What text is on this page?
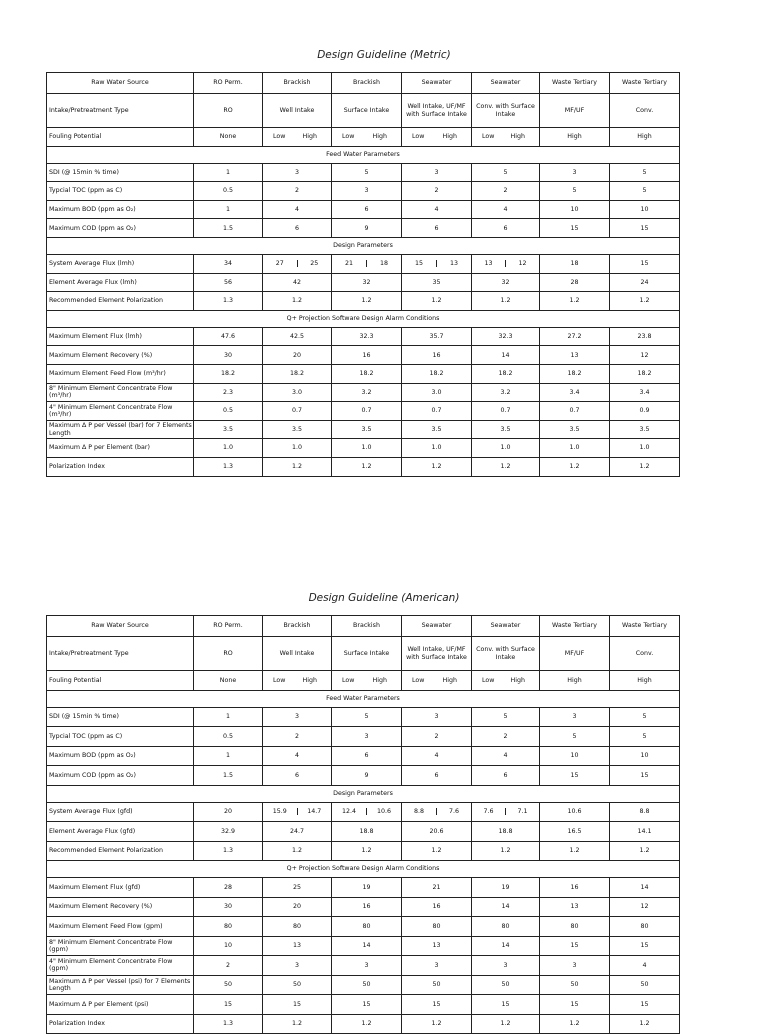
Design Guideline (Metric)
Raw Water Source	RO Perm.	Brackish	Brackish	Seawater	Seawater	Waste Tertiary	Waste Tertiary
Intake/Pretreatment Type	RO	Well Intake	Surface Intake	Well Intake, UF/MF with Surface Intake	Conv. with Surface Intake	MF/UF	Conv.
Fouling Potential	None	Low High	Low High	Low High	Low High	High	High
Feed Water Parameters							
SDI (@ 15min % time)	1	3	5	3	5	3	5
Typcial TOC (ppm as C)	0.5	2	3	2	2	5	5
Maximum BOD (ppm as O₂)	1	4	6	4	4	10	10
Maximum COD (ppm as O₂)	1.5	6	9	6	6	15	15
Design Parameters							
System Average Flux (lmh)	34	27 25	21 18	15 13	13 12	18	15
Element Average Flux (lmh)	56	42	32	35	32	28	24
Recommended Element Polarization	1.3	1.2	1.2	1.2	1.2	1.2	1.2
Q+ Projection Software Design Alarm Conditions							
Maximum Element Flux (lmh)	47.6	42.5	32.3	35.7	32.3	27.2	23.8
Maximum Element Recovery (%)	30	20	16	16	14	13	12
Maximum Element Feed Flow (m³/hr)	18.2	18.2	18.2	18.2	18.2	18.2	18.2
8" Minimum Element Concentrate Flow (m³/hr)	2.3	3.0	3.2	3.0	3.2	3.4	3.4
4" Minimum Element Concentrate Flow (m³/hr)	0.5	0.7	0.7	0.7	0.7	0.7	0.9
Maximum ∆ P per Vessel (bar) for 7 Elements Length	3.5	3.5	3.5	3.5	3.5	3.5	3.5
Maximum ∆ P per Element (bar)	1.0	1.0	1.0	1.0	1.0	1.0	1.0
Polarization Index	1.3	1.2	1.2	1.2	1.2	1.2	1.2
Design Guideline (American)
Raw Water Source	RO Perm.	Brackish	Brackish	Seawater	Seawater	Waste Tertiary	Waste Tertiary
Intake/Pretreatment Type	RO	Well Intake	Surface Intake	Well Intake, UF/MF with Surface Intake	Conv. with Surface Intake	MF/UF	Conv.
Fouling Potential	None	Low High	Low High	Low High	Low High	High	High
Feed Water Parameters							
SDI (@ 15min % time)	1	3	5	3	5	3	5
Typcial TOC (ppm as C)	0.5	2	3	2	2	5	5
Maximum BOD (ppm as O₂)	1	4	6	4	4	10	10
Maximum COD (ppm as O₂)	1.5	6	9	6	6	15	15
Design Parameters							
System Average Flux (gfd)	20	15.9 14.7	12.4 10.6	8.8 7.6	7.6 7.1	10.6	8.8
Element Average Flux (gfd)	32.9	24.7	18.8	20.6	18.8	16.5	14.1
Recommended Element Polarization	1.3	1.2	1.2	1.2	1.2	1.2	1.2
Q+ Projection Software Design Alarm Conditions							
Maximum Element Flux (gfd)	28	25	19	21	19	16	14
Maximum Element Recovery (%)	30	20	16	16	14	13	12
Maximum Element Feed Flow (gpm)	80	80	80	80	80	80	80
8" Minimum Element Concentrate Flow (gpm)	10	13	14	13	14	15	15
4" Minimum Element Concentrate Flow (gpm)	2	3	3	3	3	3	4
Maximum ∆ P per Vessel (psi) for 7 Elements Length	50	50	50	50	50	50	50
Maximum ∆ P per Element (psi)	15	15	15	15	15	15	15
Polarization Index	1.3	1.2	1.2	1.2	1.2	1.2	1.2
